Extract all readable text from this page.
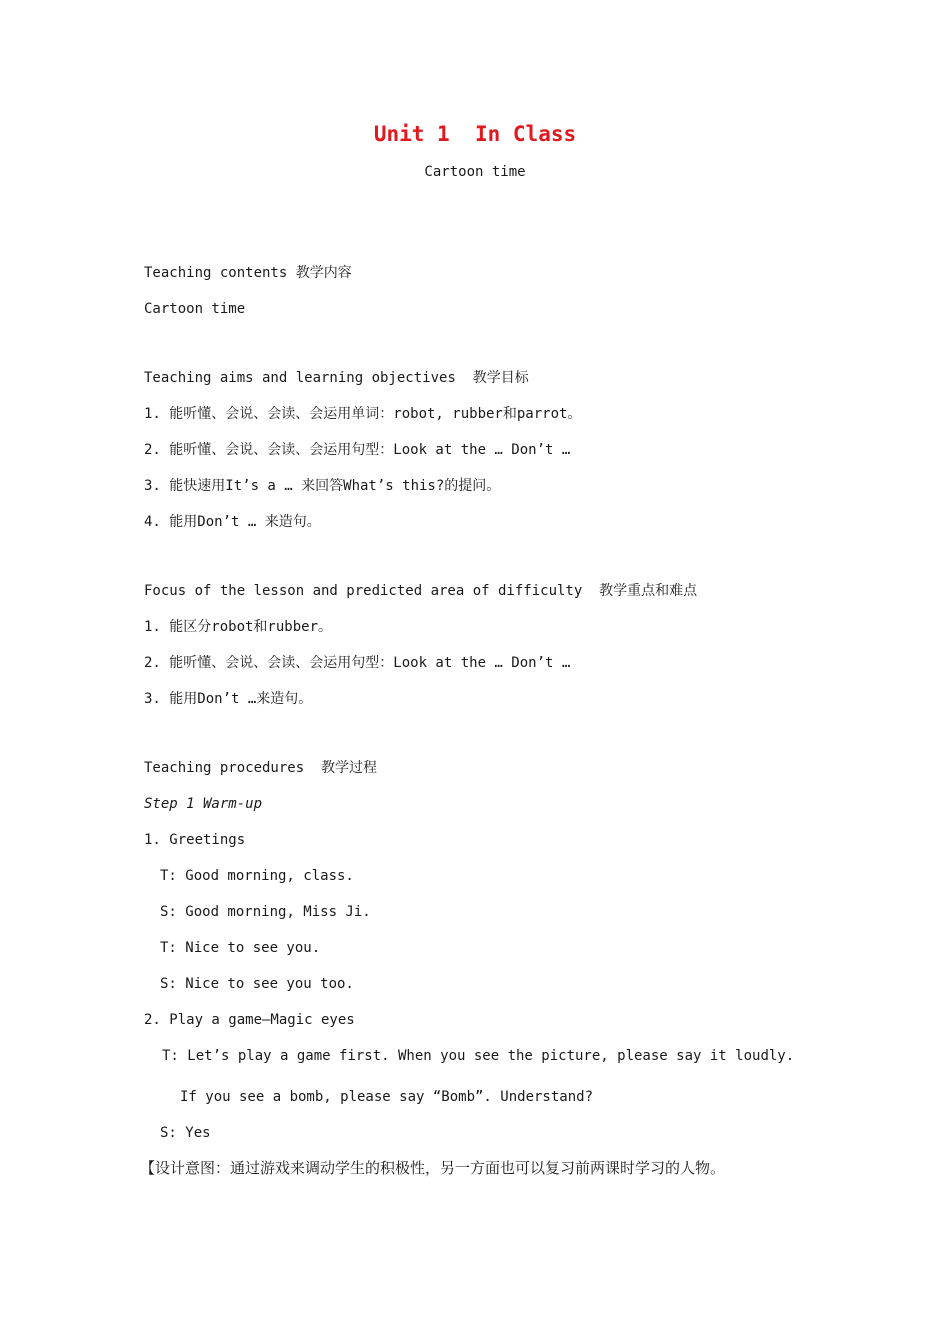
Unit 1  In Class
Cartoon time
Teaching contents 教学内容
Cartoon time
Teaching aims and learning objectives  教学目标
1. 能听懂、会说、会读、会运用单词：robot, rubber和parrot。
2. 能听懂、会说、会读、会运用句型：Look at the … Don’t …
3. 能快速用It’s a … 来回答What’s this?的提问。
4. 能用Don’t … 来造句。
Focus of the lesson and predicted area of difficulty  教学重点和难点
1. 能区分robot和rubber。
2. 能听懂、会说、会读、会运用句型：Look at the … Don’t …
3. 能用Don’t …来造句。
Teaching procedures  教学过程
Step 1 Warm-up
1. Greetings
T: Good morning, class.
S: Good morning, Miss Ji.
T: Nice to see you.
S: Nice to see you too.
2. Play a game—Magic eyes
T: Let’s play a game first. When you see the picture, please say it loudly.
If you see a bomb, please say “Bomb”. Understand?
S: Yes
【设计意图：通过游戏来调动学生的积极性，另一方面也可以复习前两课时学习的人物。
